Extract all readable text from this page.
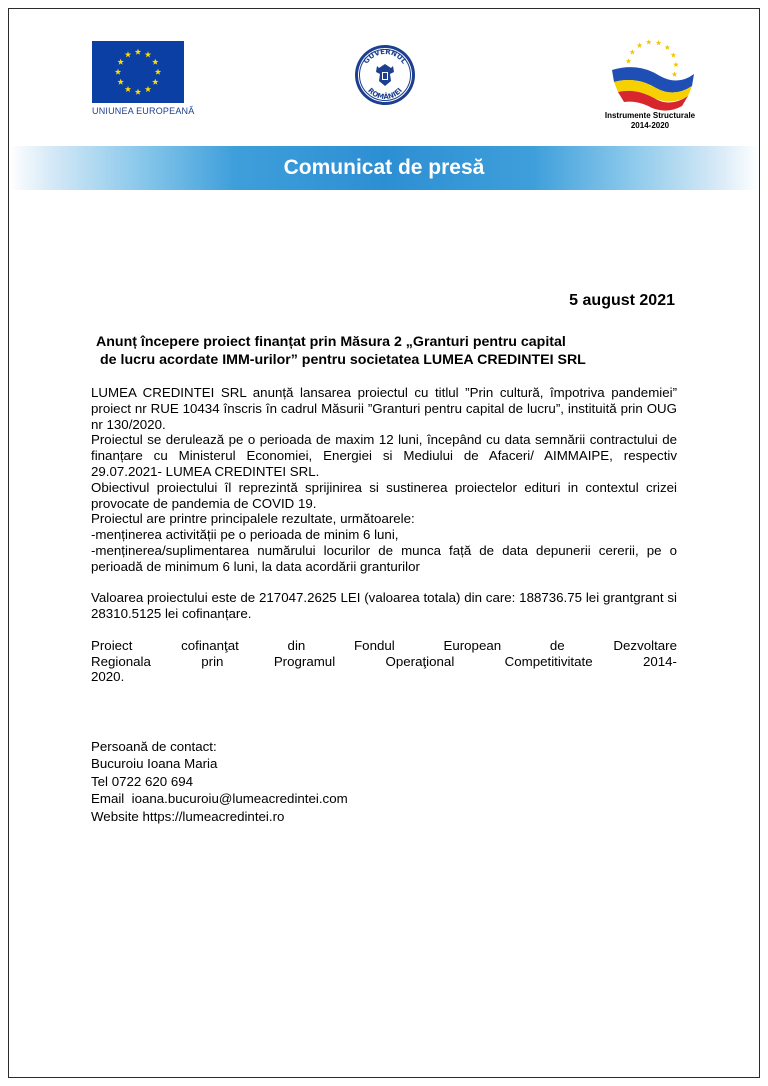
UNIUNEA EUROPEANĂ
GUVERNUL
ROMÂNIEI
Instrumente Structurale
2014-2020
Comunicat de presă
5 august 2021
Anunț începere proiect finanțat prin Măsura 2 „Granturi pentru capital
de lucru acordate IMM-urilor” pentru societatea LUMEA CREDINTEI SRL

LUMEA CREDINTEI SRL anunță lansarea proiectul cu titlul ”Prin cultură, împotriva pandemiei” proiect nr RUE 10434 înscris în cadrul Măsurii ”Granturi pentru capital de lucru”, instituită prin OUG nr 130/2020.

Proiectul se derulează pe o perioada de maxim 12 luni, începând cu data semnării contractului de finanțare cu Ministerul Economiei, Energiei si Mediului de Afaceri/ AIMMAIPE, respectiv 29.07.2021- LUMEA CREDINTEI SRL.

Obiectivul proiectului îl reprezintă sprijinirea si sustinerea proiectelor edituri in contextul crizei provocate de pandemia de COVID 19.

Proiectul are printre principalele rezultate, următoarele:

-menținerea activității pe o perioada de minim 6 luni,

-menținerea/suplimentarea numărului locurilor de munca față de data depunerii cererii, pe o perioadă de minimum 6 luni, la data acordării granturilor

Valoarea proiectului este de 217047.2625 LEI (valoarea totala) din care: 188736.75 lei grantgrant si 28310.5125 lei cofinanțare.

Proiect cofinanţat din Fondul European de Dezvoltare Regionala prin Programul Operaţional Competitivitate 2014-2020.

Persoană de contact:
Bucuroiu Ioana Maria
Tel 0722 620 694
Email  ioana.bucuroiu@lumeacredintei.com
Website https://lumeacredintei.ro
